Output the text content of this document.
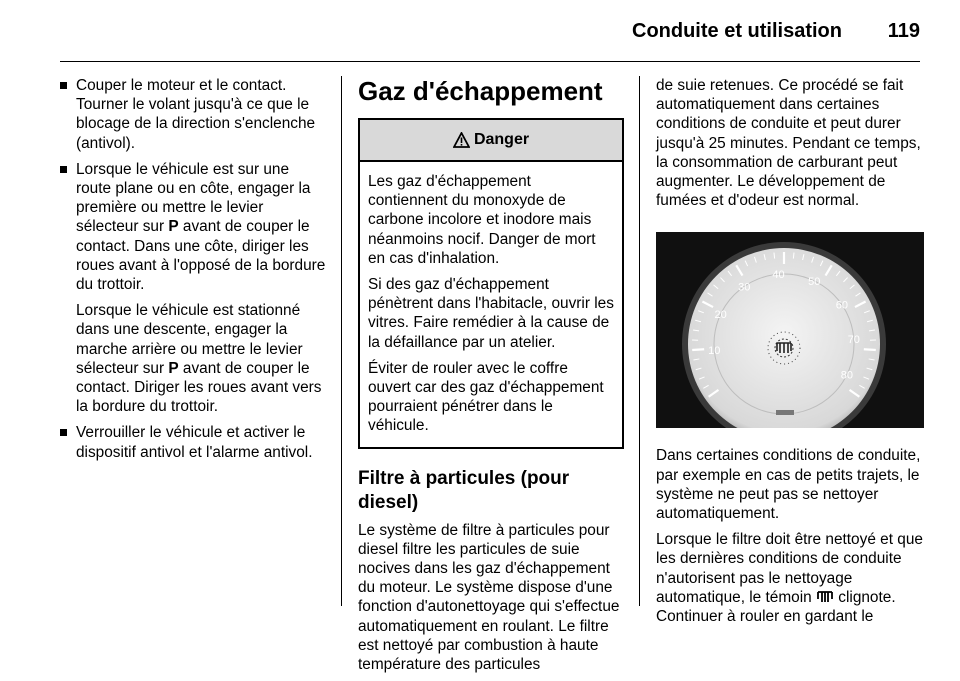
Conduite et utilisation 119
Couper le moteur et le contact. Tourner le volant jusqu'à ce que le blocage de la direction s'enclenche (antivol).
Lorsque le véhicule est sur une route plane ou en côte, engager la première ou mettre le levier sélecteur sur P avant de couper le contact. Dans une côte, diriger les roues avant à l'opposé de la bordure du trottoir.
Lorsque le véhicule est stationné dans une descente, engager la marche arrière ou mettre le levier sélecteur sur P avant de couper le contact. Diriger les roues avant vers la bordure du trottoir.
Verrouiller le véhicule et activer le dispositif antivol et l'alarme antivol.
Gaz d'échappement
Danger

Les gaz d'échappement contiennent du monoxyde de carbone incolore et inodore mais néanmoins nocif. Danger de mort en cas d'inhalation.

Si des gaz d'échappement pénètrent dans l'habitacle, ouvrir les vitres. Faire remédier à la cause de la défaillance par un atelier.

Éviter de rouler avec le coffre ouvert car des gaz d'échappement pourraient pénétrer dans le véhicule.

Filtre à particules (pour diesel)

Le système de filtre à particules pour diesel filtre les particules de suie nocives dans les gaz d'échappement du moteur. Le système dispose d'une fonction d'autonettoyage qui s'effectue automatiquement en roulant. Le filtre est nettoyé par combustion à haute température des particules

de suie retenues. Ce procédé se fait automatiquement dans certaines conditions de conduite et peut durer jusqu'à 25 minutes. Pendant ce temps, la consommation de carburant peut augmenter. Le développement de fumées et d'odeur est normal.

10
20
30
40
50
60
70
80

Dans certaines conditions de conduite, par exemple en cas de petits trajets, le système ne peut pas se nettoyer automatiquement.

Lorsque le filtre doit être nettoyé et que les dernières conditions de conduite n'autorisent pas le nettoyage automatique, le témoin clignote. Continuer à rouler en gardant le
